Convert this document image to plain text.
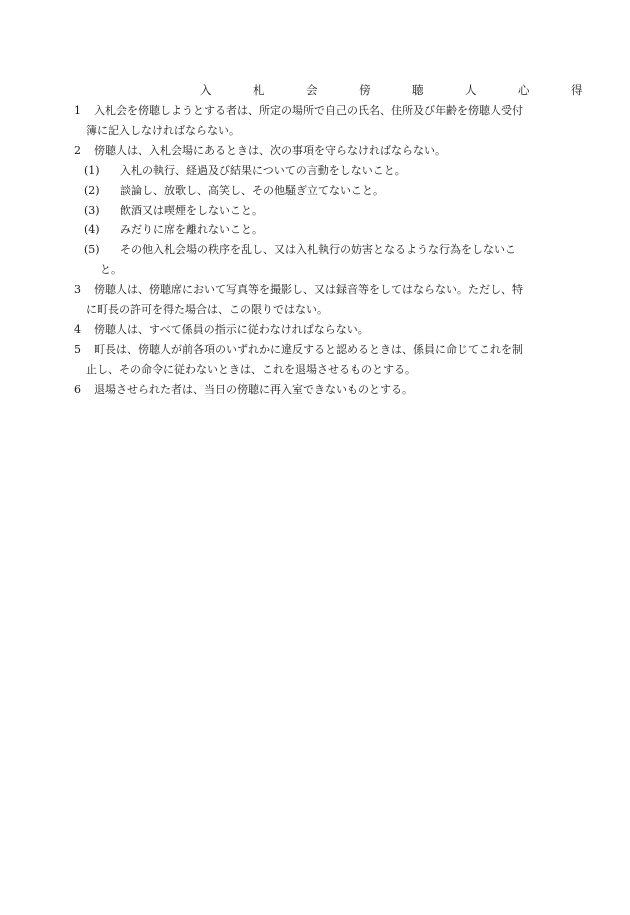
入　札　会　傍　聴　人　心　得
1 入札会を傍聴しようとする者は、所定の場所で自己の氏名、住所及び年齢を傍聴人受付
簿に記入しなければならない。
2 傍聴人は、入札会場にあるときは、次の事項を守らなければならない。
(1) 入札の執行、経過及び結果についての言動をしないこと。
(2) 談論し、放歌し、高笑し、その他騒ぎ立てないこと。
(3) 飲酒又は喫煙をしないこと。
(4) みだりに席を離れないこと。
(5) その他入札会場の秩序を乱し、又は入札執行の妨害となるような行為をしないこ
と。
3 傍聴人は、傍聴席において写真等を撮影し、又は録音等をしてはならない。ただし、特
に町長の許可を得た場合は、この限りではない。
4 傍聴人は、すべて係員の指示に従わなければならない。
5 町長は、傍聴人が前各項のいずれかに違反すると認めるときは、係員に命じてこれを制
止し、その命令に従わないときは、これを退場させるものとする。
6 退場させられた者は、当日の傍聴に再入室できないものとする。
